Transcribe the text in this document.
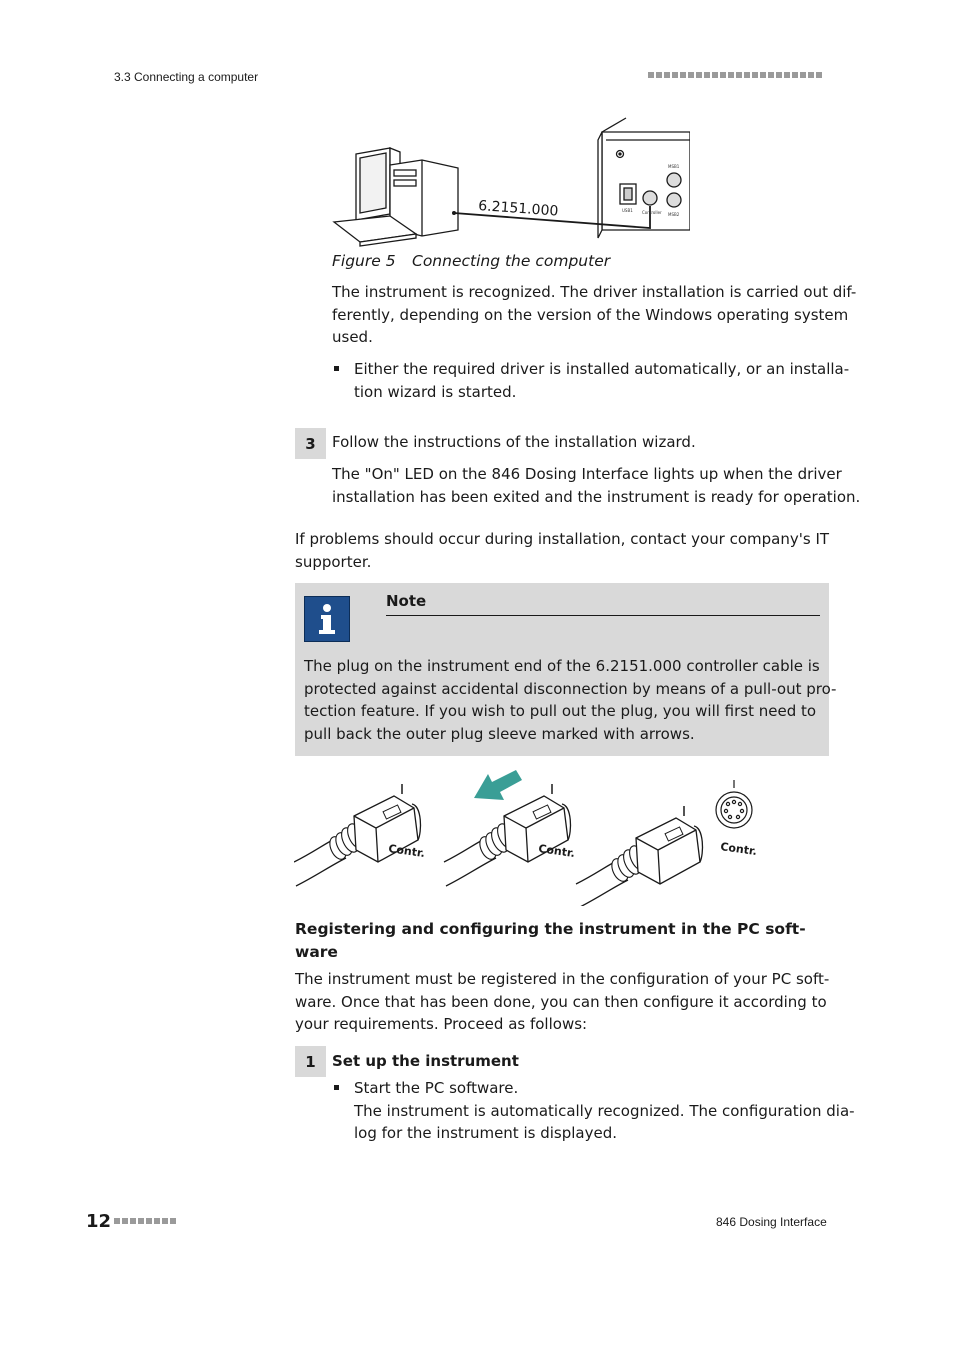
3.3 Connecting a computer
6.2151.000	USB1 Controller
MSB1
MSB2
Figure 5 Connecting the computer
The instrument is recognized. The driver installation is carried out dif-
ferently, depending on the version of the Windows operating system
used.
Either the required driver is installed automatically, or an installa-
tion wizard is started.
3	Follow the instructions of the installation wizard.
The "On" LED on the 846 Dosing Interface lights up when the driver
installation has been exited and the instrument is ready for operation.
If problems should occur during installation, contact your company's IT
supporter.
Note
The plug on the instrument end of the 6.2151.000 controller cable is
protected against accidental disconnection by means of a pull-out pro-
tection feature. If you wish to pull out the plug, you will first need to
pull back the outer plug sleeve marked with arrows.
Contr.	Contr.	Contr.
Registering and configuring the instrument in the PC soft-
ware
The instrument must be registered in the configuration of your PC soft-
ware. Once that has been done, you can then configure it according to
your requirements. Proceed as follows:
1	Set up the instrument
Start the PC software.
The instrument is automatically recognized. The configuration dia-
log for the instrument is displayed.
12	846 Dosing Interface
